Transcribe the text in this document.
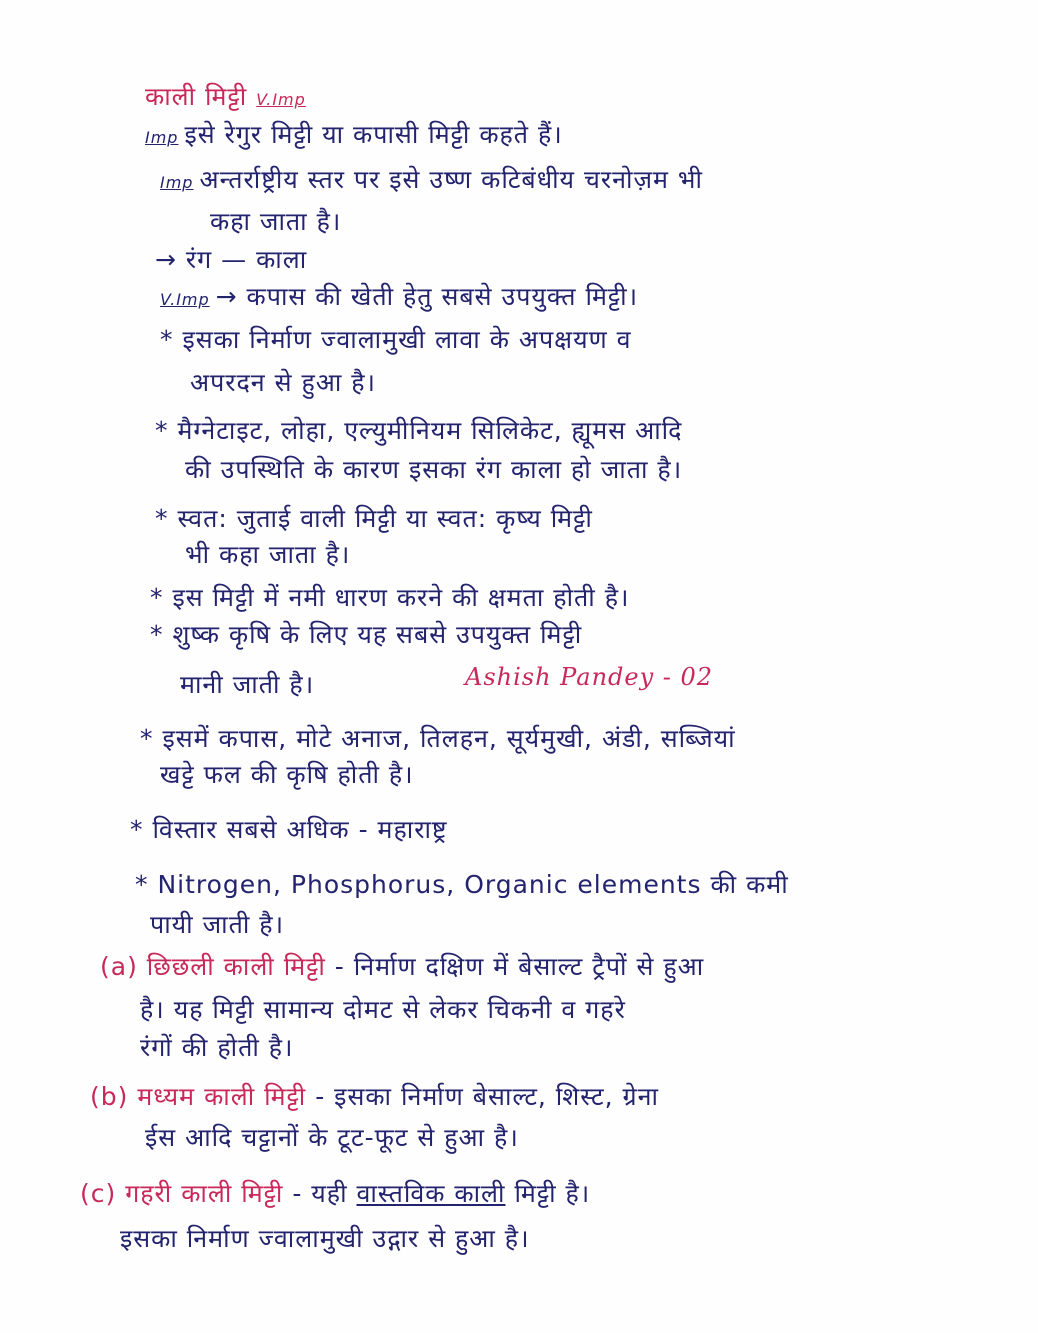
काली मिट्टी V.Imp
Imp इसे रेगुर मिट्टी या कपासी मिट्टी कहते हैं।
Imp अन्तर्राष्ट्रीय स्तर पर इसे उष्ण कटिबंधीय चरनोज़म भी
कहा जाता है।
→ रंग — काला
V.Imp → कपास की खेती हेतु सबसे उपयुक्त मिट्टी।
* इसका निर्माण ज्वालामुखी लावा के अपक्षयण व
अपरदन से हुआ है।
* मैग्नेटाइट, लोहा, एल्युमीनियम सिलिकेट, ह्यूमस आदि
की उपस्थिति के कारण इसका रंग काला हो जाता है।
* स्वत: जुताई वाली मिट्टी या स्वत: कृष्य मिट्टी
भी कहा जाता है।
* इस मिट्टी में नमी धारण करने की क्षमता होती है।
* शुष्क कृषि के लिए यह सबसे उपयुक्त मिट्टी
मानी जाती है।	Ashish Pandey - 02
* इसमें कपास, मोटे अनाज, तिलहन, सूर्यमुखी, अंडी, सब्जियां
खट्टे फल की कृषि होती है।
* विस्तार सबसे अधिक - महाराष्ट्र
* Nitrogen, Phosphorus, Organic elements की कमी
पायी जाती है।
(a) छिछली काली मिट्टी - निर्माण दक्षिण में बेसाल्ट ट्रैपों से हुआ
है। यह मिट्टी सामान्य दोमट से लेकर चिकनी व गहरे
रंगों की होती है।
(b) मध्यम काली मिट्टी - इसका निर्माण बेसाल्ट, शिस्ट, ग्रेना
ईस आदि चट्टानों के टूट-फूट से हुआ है।
(c) गहरी काली मिट्टी - यही वास्तविक काली मिट्टी है।
इसका निर्माण ज्वालामुखी उद्गार से हुआ है।
